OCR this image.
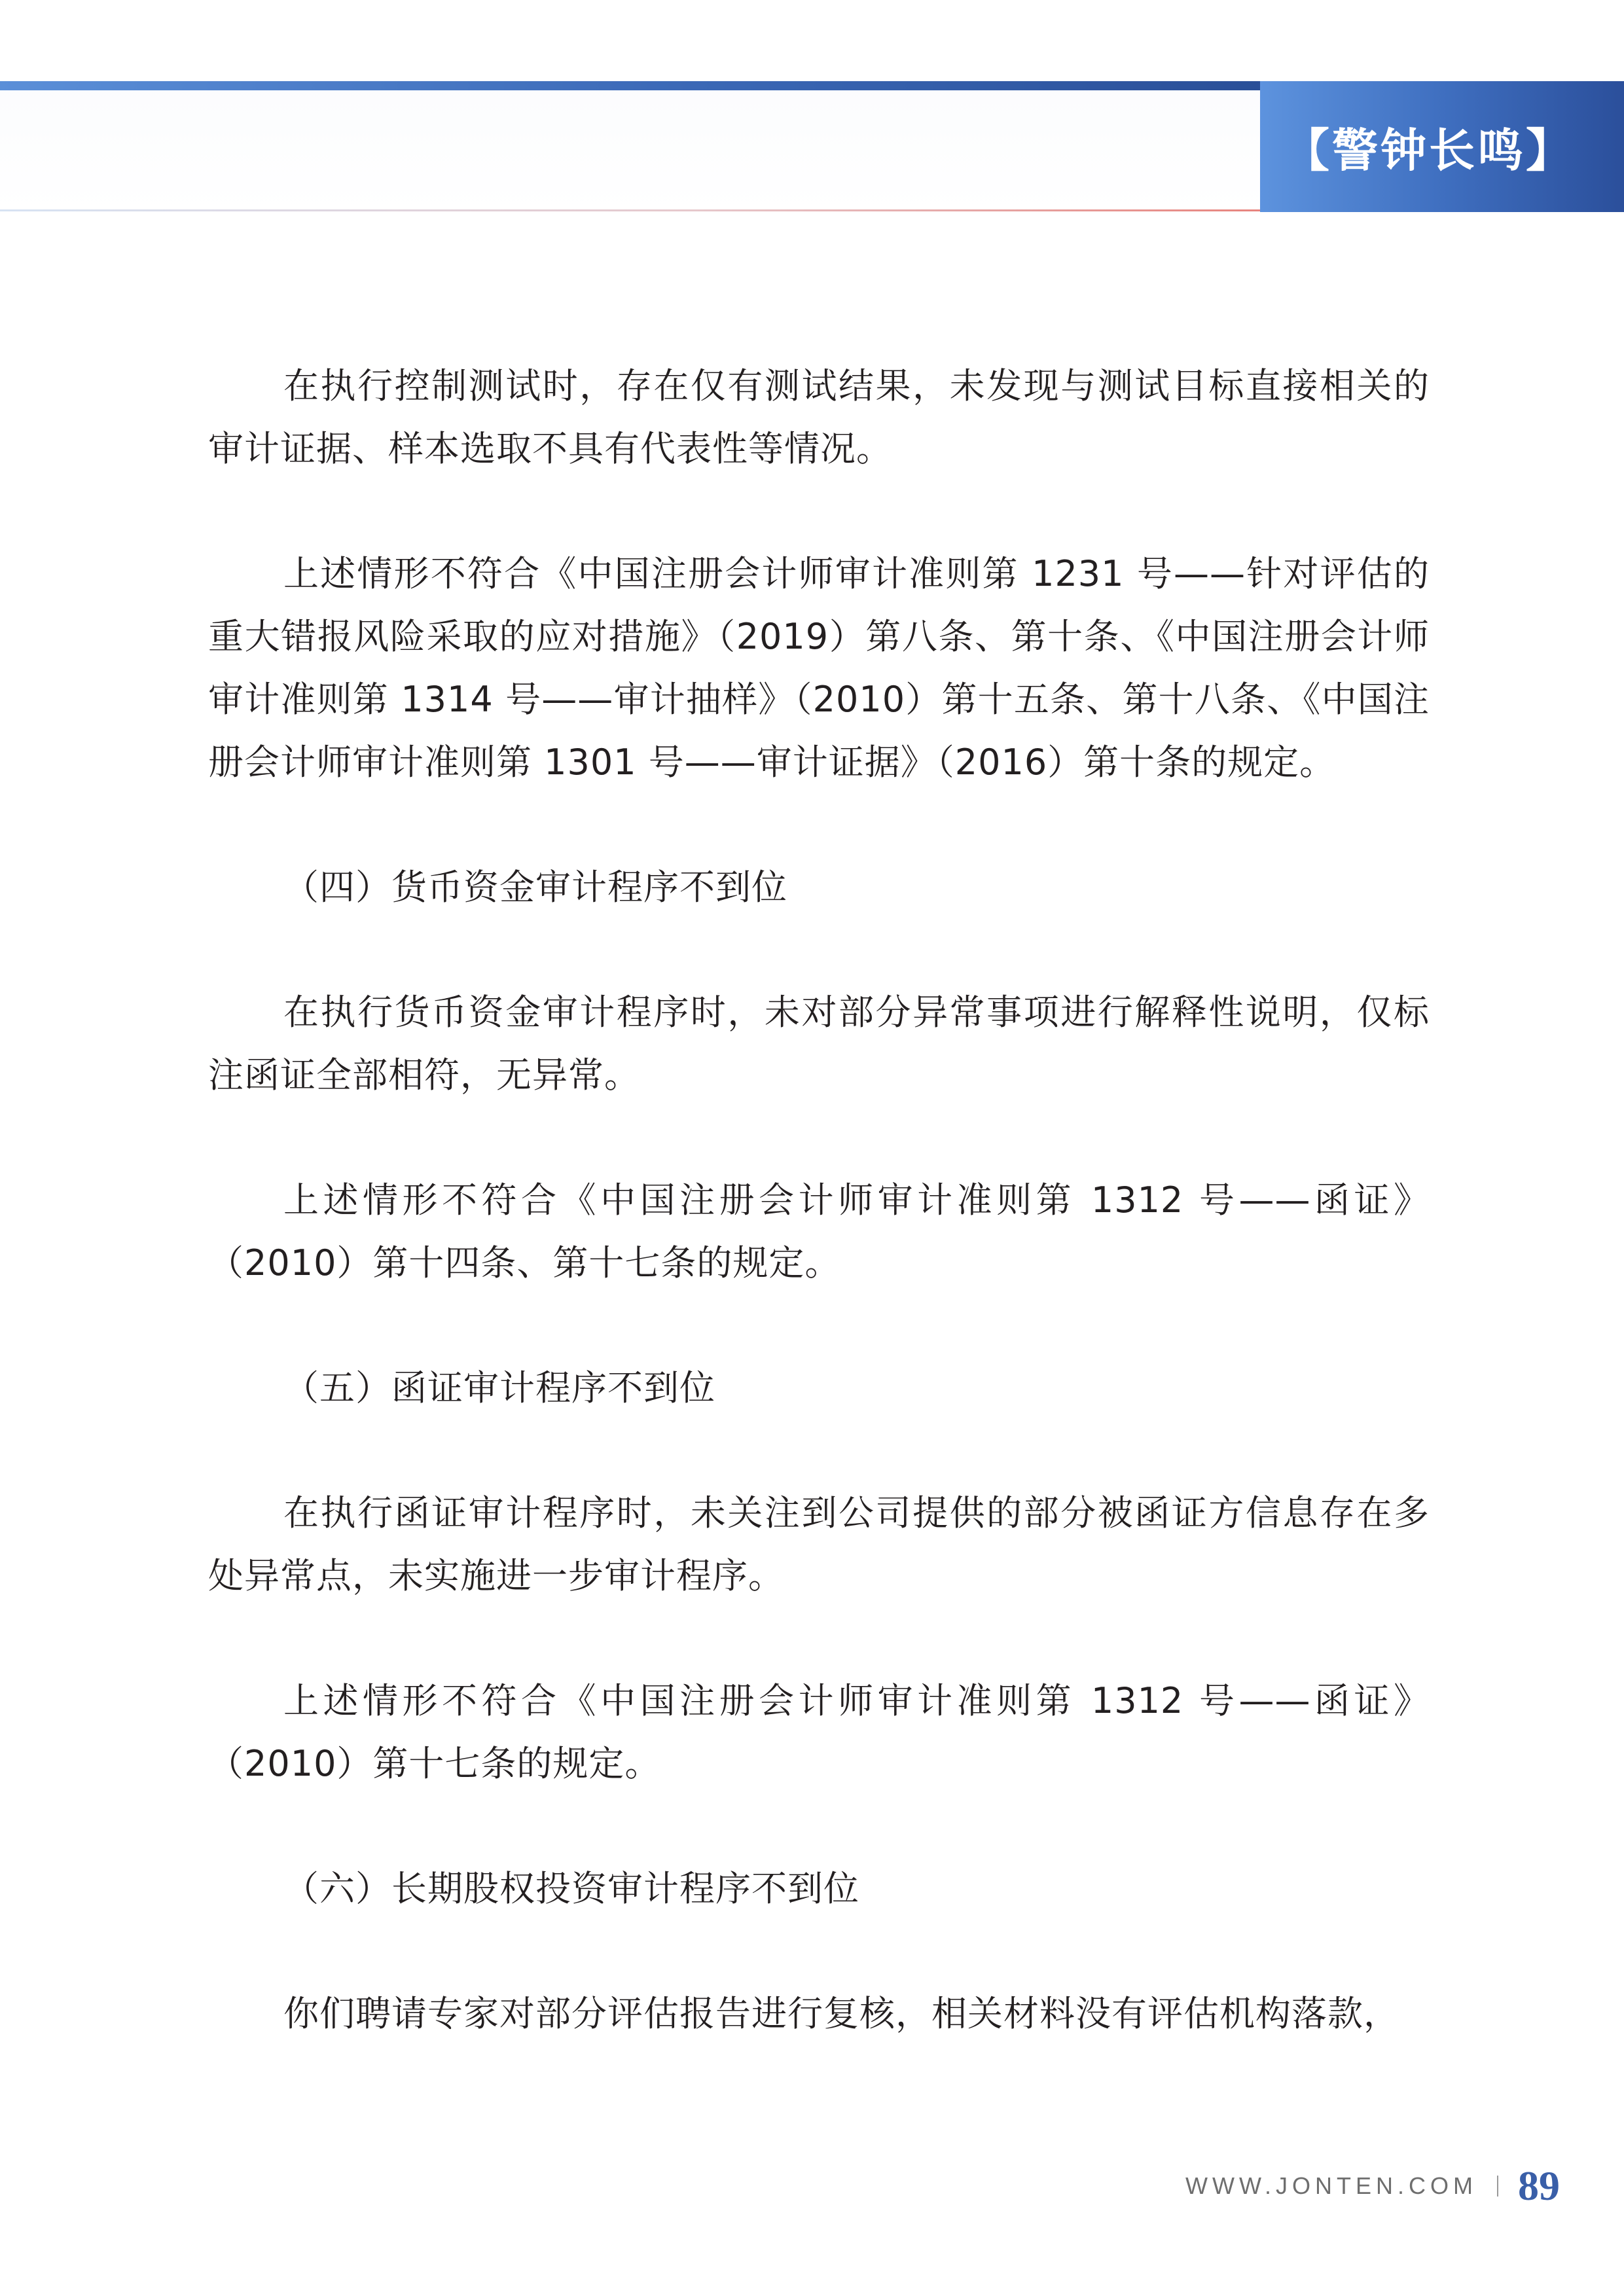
【警钟长鸣】

在执行控制测试时，存在仅有测试结果，未发现与测试目标直接相关的审计证据、样本选取不具有代表性等情况。

上述情形不符合《中国注册会计师审计准则第 1231 号——针对评估的重大错报风险采取的应对措施》（2019）第八条、第十条、《中国注册会计师审计准则第 1314 号——审计抽样》（2010）第十五条、第十八条、《中国注册会计师审计准则第 1301 号——审计证据》（2016）第十条的规定。

（四）货币资金审计程序不到位

在执行货币资金审计程序时，未对部分异常事项进行解释性说明，仅标注函证全部相符，无异常。

上述情形不符合《中国注册会计师审计准则第 1312 号——函证》（2010）第十四条、第十七条的规定。

（五）函证审计程序不到位

在执行函证审计程序时，未关注到公司提供的部分被函证方信息存在多处异常点，未实施进一步审计程序。

上述情形不符合《中国注册会计师审计准则第 1312 号——函证》（2010）第十七条的规定。

（六）长期股权投资审计程序不到位

你们聘请专家对部分评估报告进行复核，相关材料没有评估机构落款，

WWW.JONTEN.COM 89
